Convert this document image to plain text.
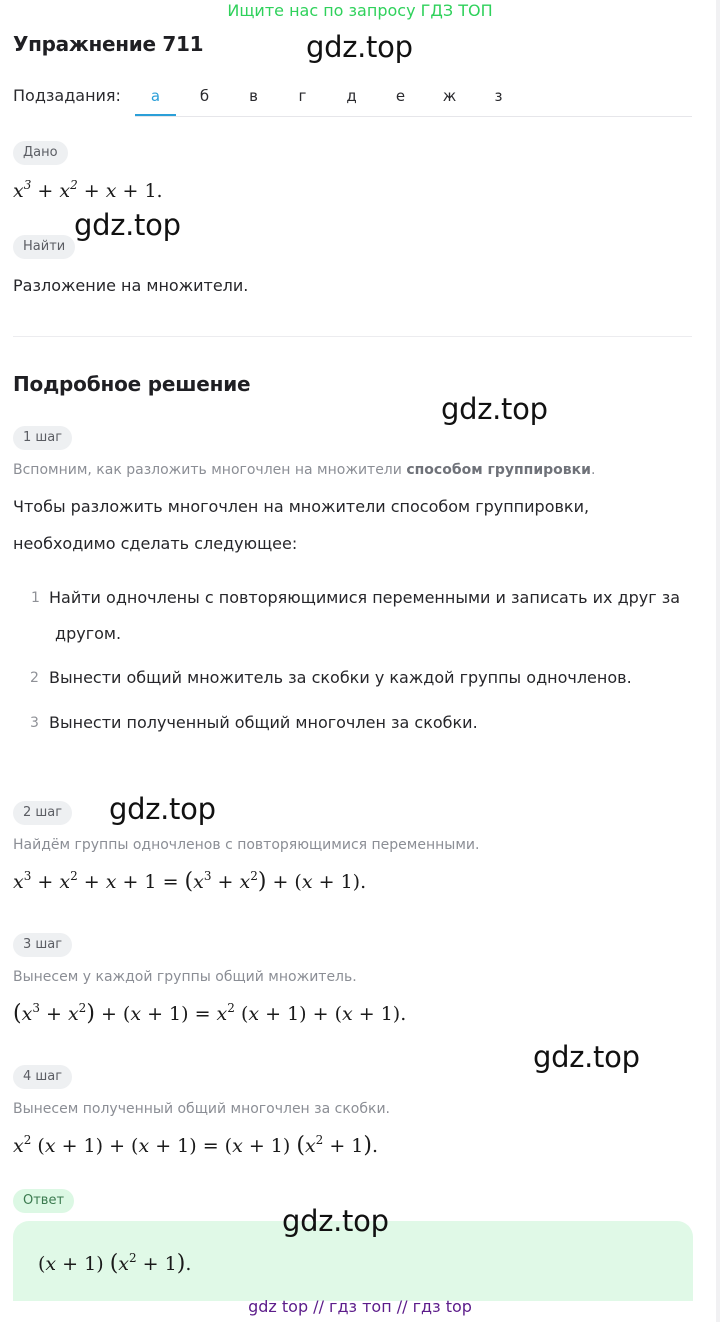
Ищите нас по запросу ГДЗ ТОП
Упражнение 711	gdz.top
Подзадания:	а	б	в	г	д	е	ж	з
Дано
$x^3 + x^2 + x + 1$.
gdz.top
Найти
Разложение на множители.
Подробное решение
gdz.top
1 шаг
Вспомним, как разложить многочлен на множители способом группировки.
Чтобы разложить многочлен на множители способом группировки,
необходимо сделать следующее:
1 Найти одночлены с повторяющимися переменными и записать их друг за
другом.
2 Вынести общий множитель за скобки у каждой группы одночленов.
3 Вынести полученный общий многочлен за скобки.
2 шаг	gdz.top
Найдём группы одночленов с повторяющимися переменными.
$x^3 + x^2 + x + 1 = (x^3 + x^2) + (x + 1)$.
3 шаг
Вынесем у каждой группы общий множитель.
$(x^3 + x^2) + (x + 1) = x^2$ (x + 1) + (x + 1).
gdz.top
4 шаг
Вынесем полученный общий многочлен за скобки.
$x^2$ (x + 1) + (x + 1) = (x + 1) $(x^2 + 1)$.
Ответ
gdz.top
(x + 1) $(x^2 + 1)$.
gdz top // гдз топ // гдз top
